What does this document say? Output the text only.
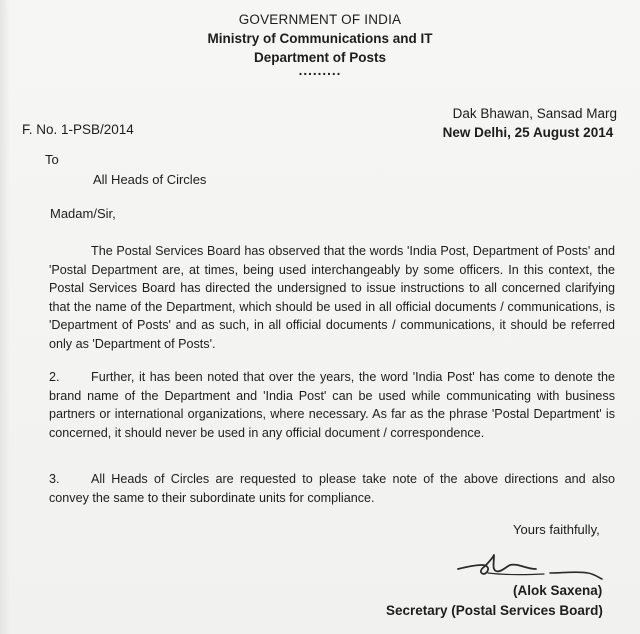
GOVERNMENT OF INDIA
Ministry of Communications and IT
Department of Posts
.........
Dak Bhawan, Sansad Marg
New Delhi, 25 August 2014
F. No. 1-PSB/2014
To
All Heads of Circles
Madam/Sir,
The Postal Services Board has observed that the words 'India Post, Department of Posts' and 'Postal Department are, at times, being used interchangeably by some officers. In this context, the Postal Services Board has directed the undersigned to issue instructions to all concerned clarifying that the name of the Department, which should be used in all official documents / communications, is 'Department of Posts' and as such, in all official documents / communications, it should be referred only as 'Department of Posts'.
2. Further, it has been noted that over the years, the word 'India Post' has come to denote the brand name of the Department and 'India Post' can be used while communicating with business partners or international organizations, where necessary. As far as the phrase 'Postal Department' is concerned, it should never be used in any official document / correspondence.
3. All Heads of Circles are requested to please take note of the above directions and also convey the same to their subordinate units for compliance.
Yours faithfully,
(Alok Saxena)
Secretary (Postal Services Board)
